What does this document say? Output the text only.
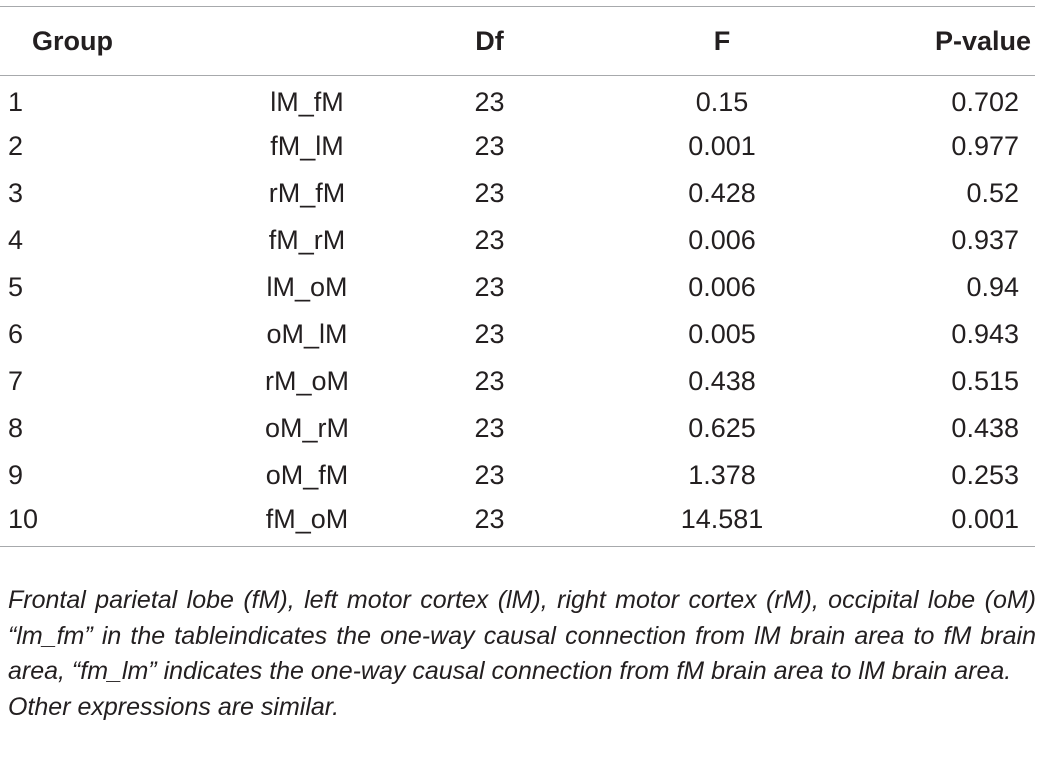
Group		Df	F	P-value
1	lM_fM	23	0.15	0.702
2	fM_lM	23	0.001	0.977
3	rM_fM	23	0.428	0.52
4	fM_rM	23	0.006	0.937
5	lM_oM	23	0.006	0.94
6	oM_lM	23	0.005	0.943
7	rM_oM	23	0.438	0.515
8	oM_rM	23	0.625	0.438
9	oM_fM	23	1.378	0.253
10	fM_oM	23	14.581	0.001

Frontal parietal lobe (fM), left motor cortex (lM), right motor cortex (rM), occipital lobe (oM) “lm_fm” in the tableindicates the one-way causal connection from lM brain area to fM brain area, “fm_lm” indicates the one-way causal connection from fM brain area to lM brain area.

Other expressions are similar.
